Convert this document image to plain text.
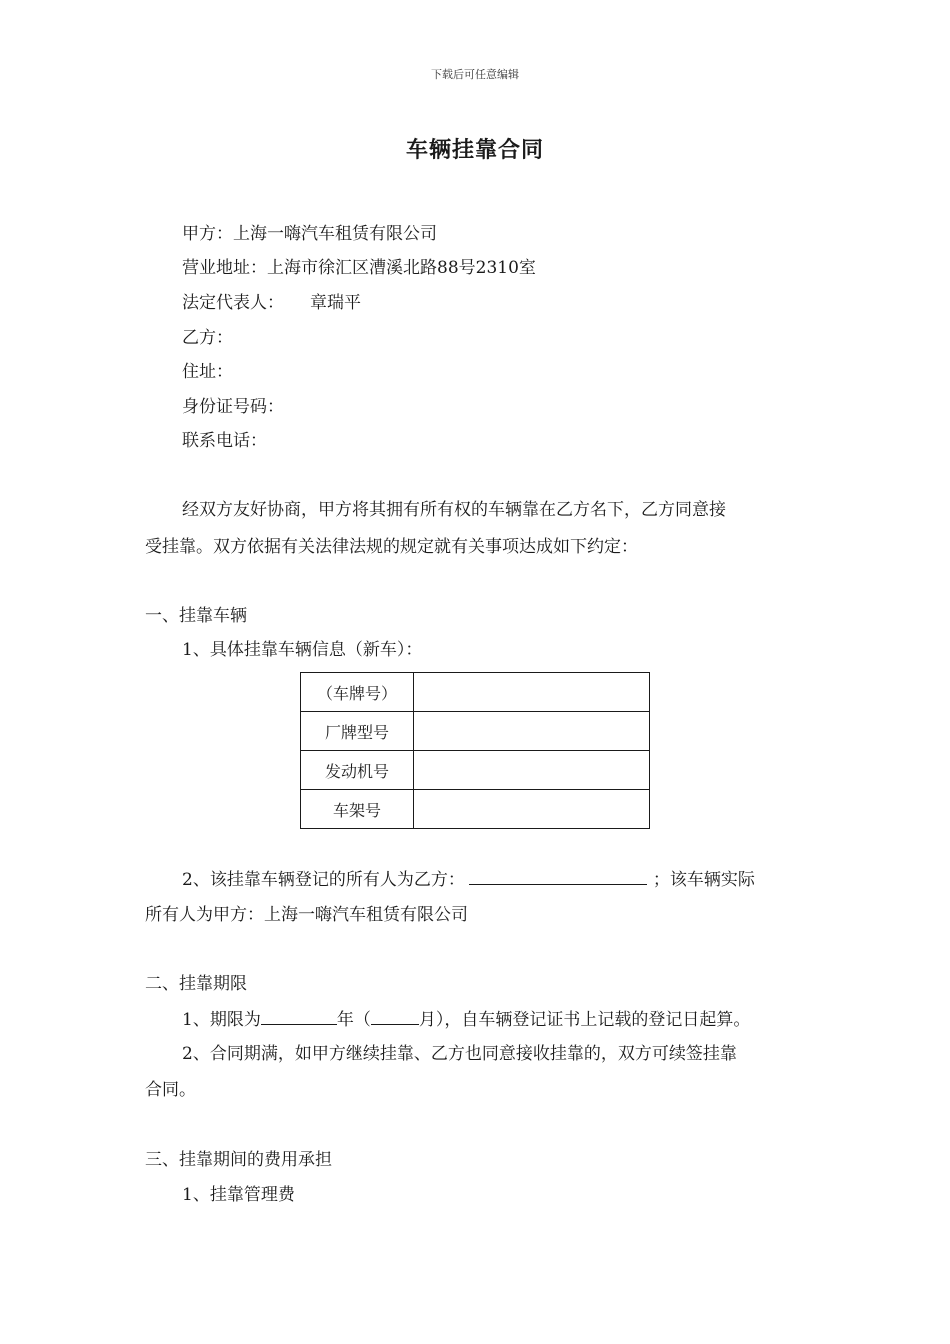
下载后可任意编辑
车辆挂靠合同
甲方：上海一嗨汽车租赁有限公司
营业地址：上海市徐汇区漕溪北路88号2310室
法定代表人： 章瑞平
乙方：
住址：
身份证号码：
联系电话：
经双方友好协商，甲方将其拥有所有权的车辆靠在乙方名下，乙方同意接
受挂靠。双方依据有关法律法规的规定就有关事项达成如下约定：
一、挂靠车辆
1、具体挂靠车辆信息（新车）：
（车牌号）	
厂牌型号	
发动机号	
车架号	
2、该挂靠车辆登记的所有人为乙方：	；该车辆实际
所有人为甲方：上海一嗨汽车租赁有限公司
二、挂靠期限
1、期限为	年（	月），自车辆登记证书上记载的登记日起算。
2、合同期满，如甲方继续挂靠、乙方也同意接收挂靠的，双方可续签挂靠
合同。
三、挂靠期间的费用承担
1、挂靠管理费
